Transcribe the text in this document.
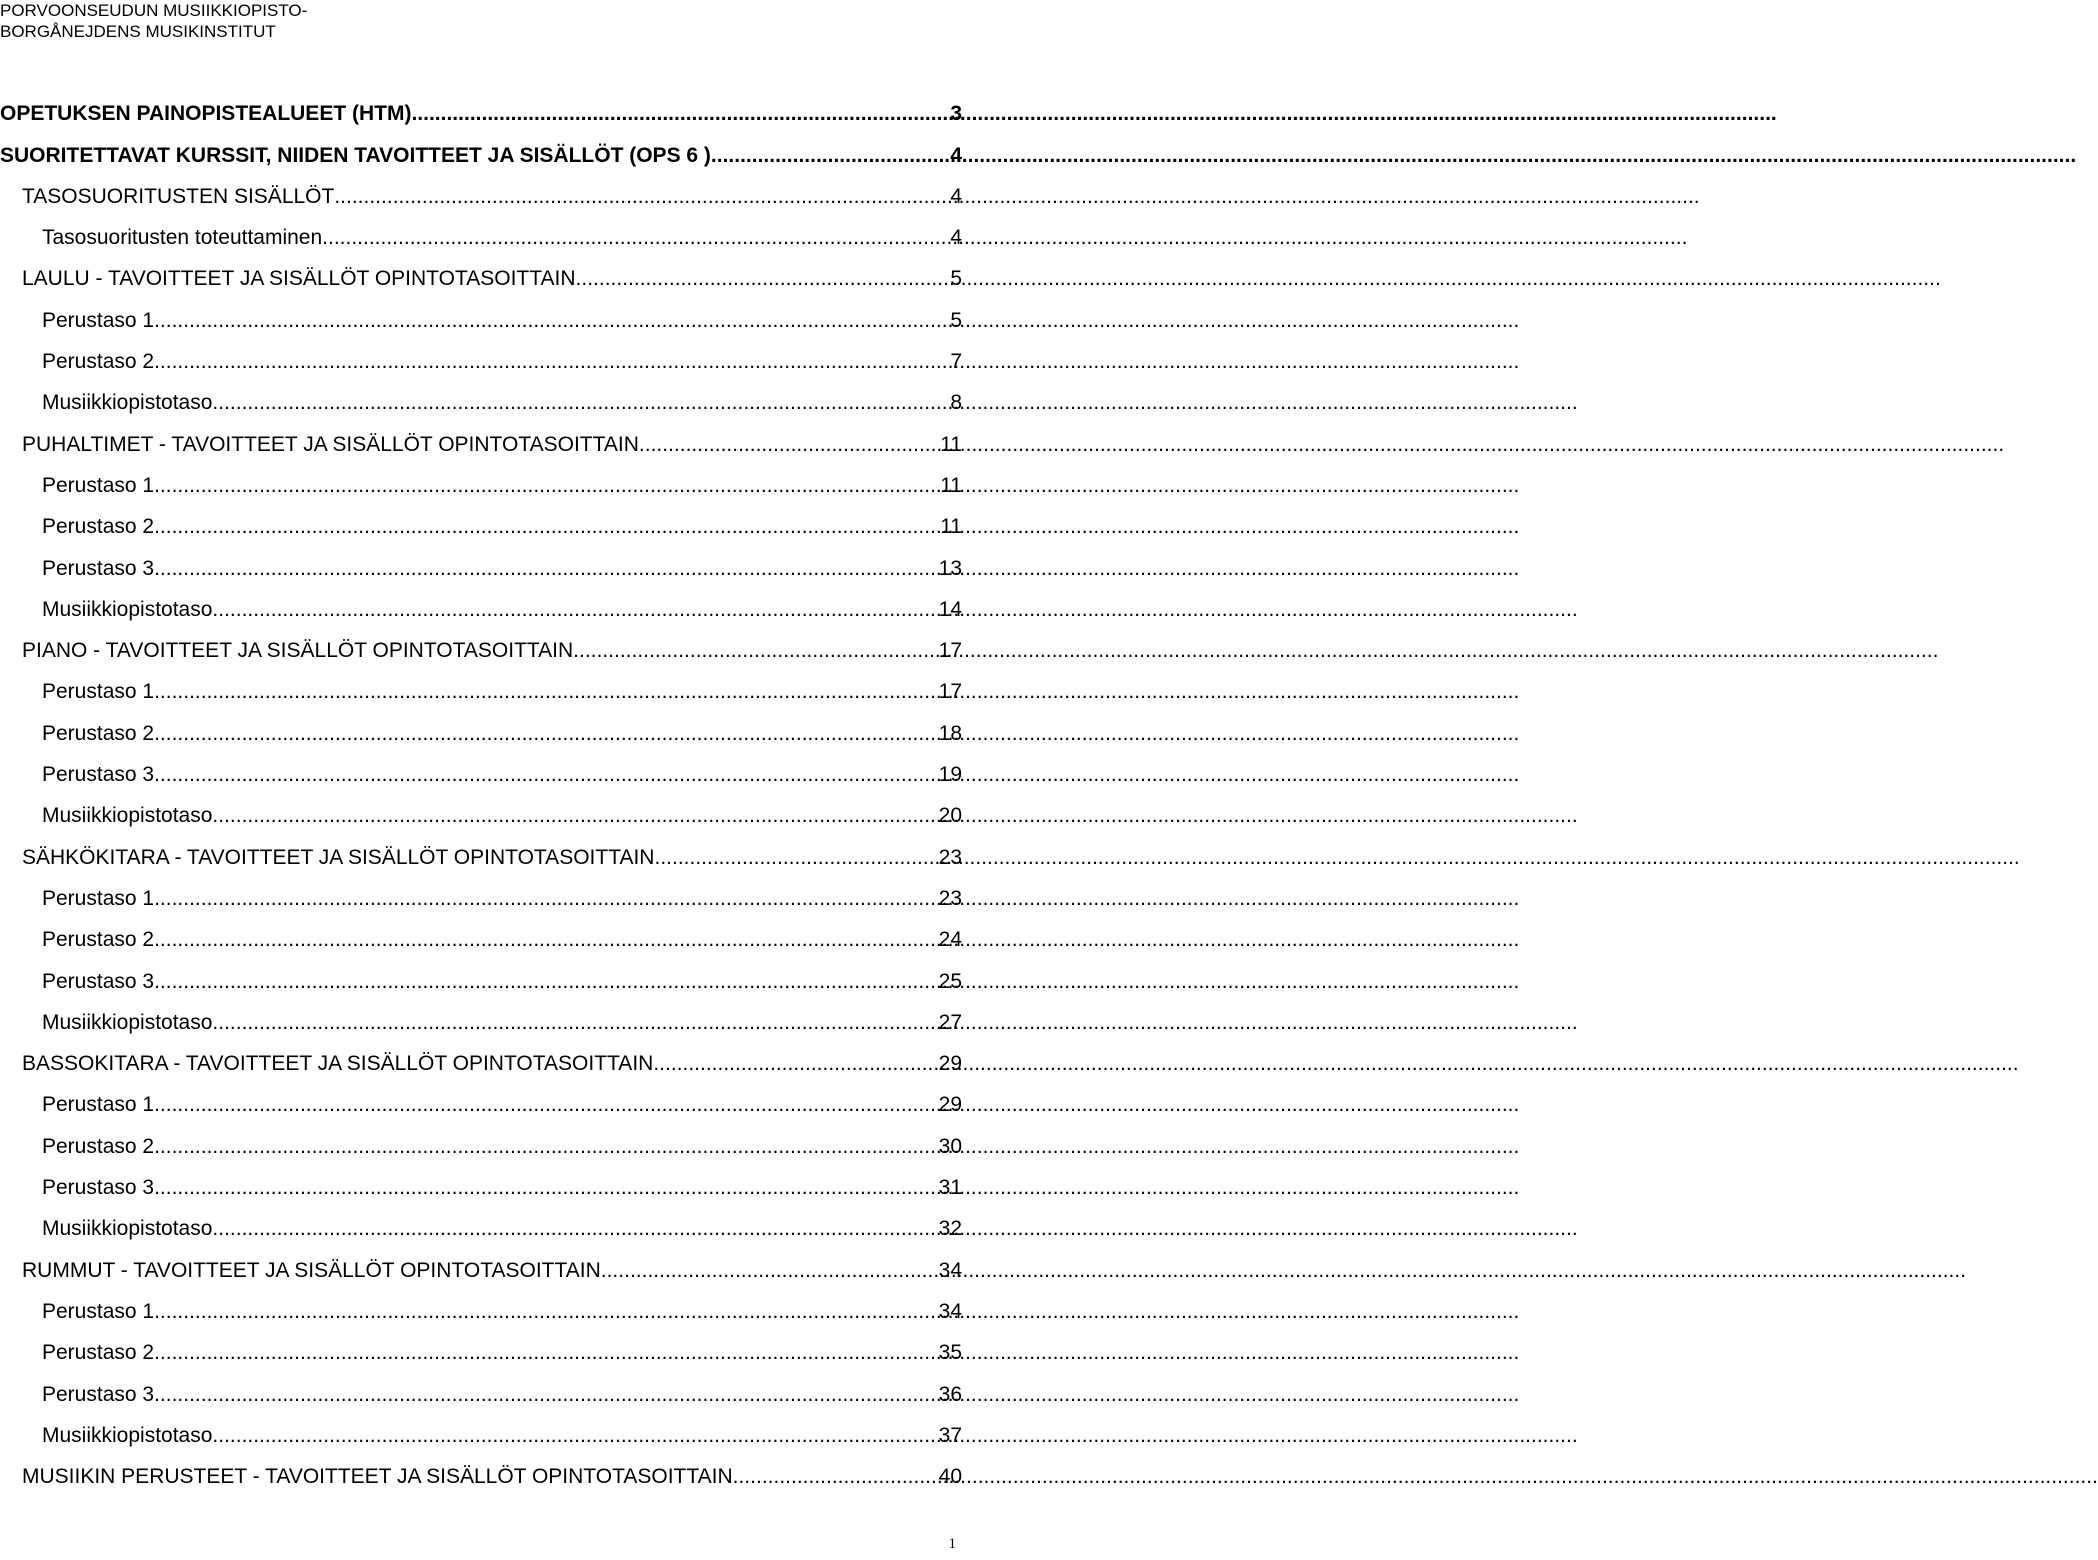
PORVOONSEUDUN MUSIIKKIOPISTO-
BORGÅNEJDENS MUSIKINSTITUT
OPETUKSEN PAINOPISTEALUEET (HTM) .....	3
SUORITETTAVAT KURSSIT, NIIDEN TAVOITTEET JA SISÄLLÖT (OPS 6 ) .....	4
TASOSUORITUSTEN SISÄLLÖT .....	4
Tasosuoritusten toteuttaminen .....	4
LAULU - TAVOITTEET JA SISÄLLÖT OPINTOTASOITTAIN .....	5
Perustaso 1 .....	5
Perustaso 2 .....	7
Musiikkiopistotaso .....	8
PUHALTIMET - TAVOITTEET JA SISÄLLÖT OPINTOTASOITTAIN .....	11
Perustaso 1 .....	11
Perustaso 2 .....	11
Perustaso 3 .....	13
Musiikkiopistotaso .....	14
PIANO - TAVOITTEET JA SISÄLLÖT OPINTOTASOITTAIN .....	17
Perustaso 1 .....	17
Perustaso 2 .....	18
Perustaso 3 .....	19
Musiikkiopistotaso .....	20
SÄHKÖKITARA - TAVOITTEET JA SISÄLLÖT OPINTOTASOITTAIN .....	23
Perustaso 1 .....	23
Perustaso 2 .....	24
Perustaso 3 .....	25
Musiikkiopistotaso .....	27
BASSOKITARA - TAVOITTEET JA SISÄLLÖT OPINTOTASOITTAIN .....	29
Perustaso 1 .....	29
Perustaso 2 .....	30
Perustaso 3 .....	31
Musiikkiopistotaso .....	32
RUMMUT - TAVOITTEET JA SISÄLLÖT OPINTOTASOITTAIN .....	34
Perustaso 1 .....	34
Perustaso 2 .....	35
Perustaso 3 .....	36
Musiikkiopistotaso .....	37
MUSIIKIN PERUSTEET - TAVOITTEET JA SISÄLLÖT OPINTOTASOITTAIN .....	40
1
